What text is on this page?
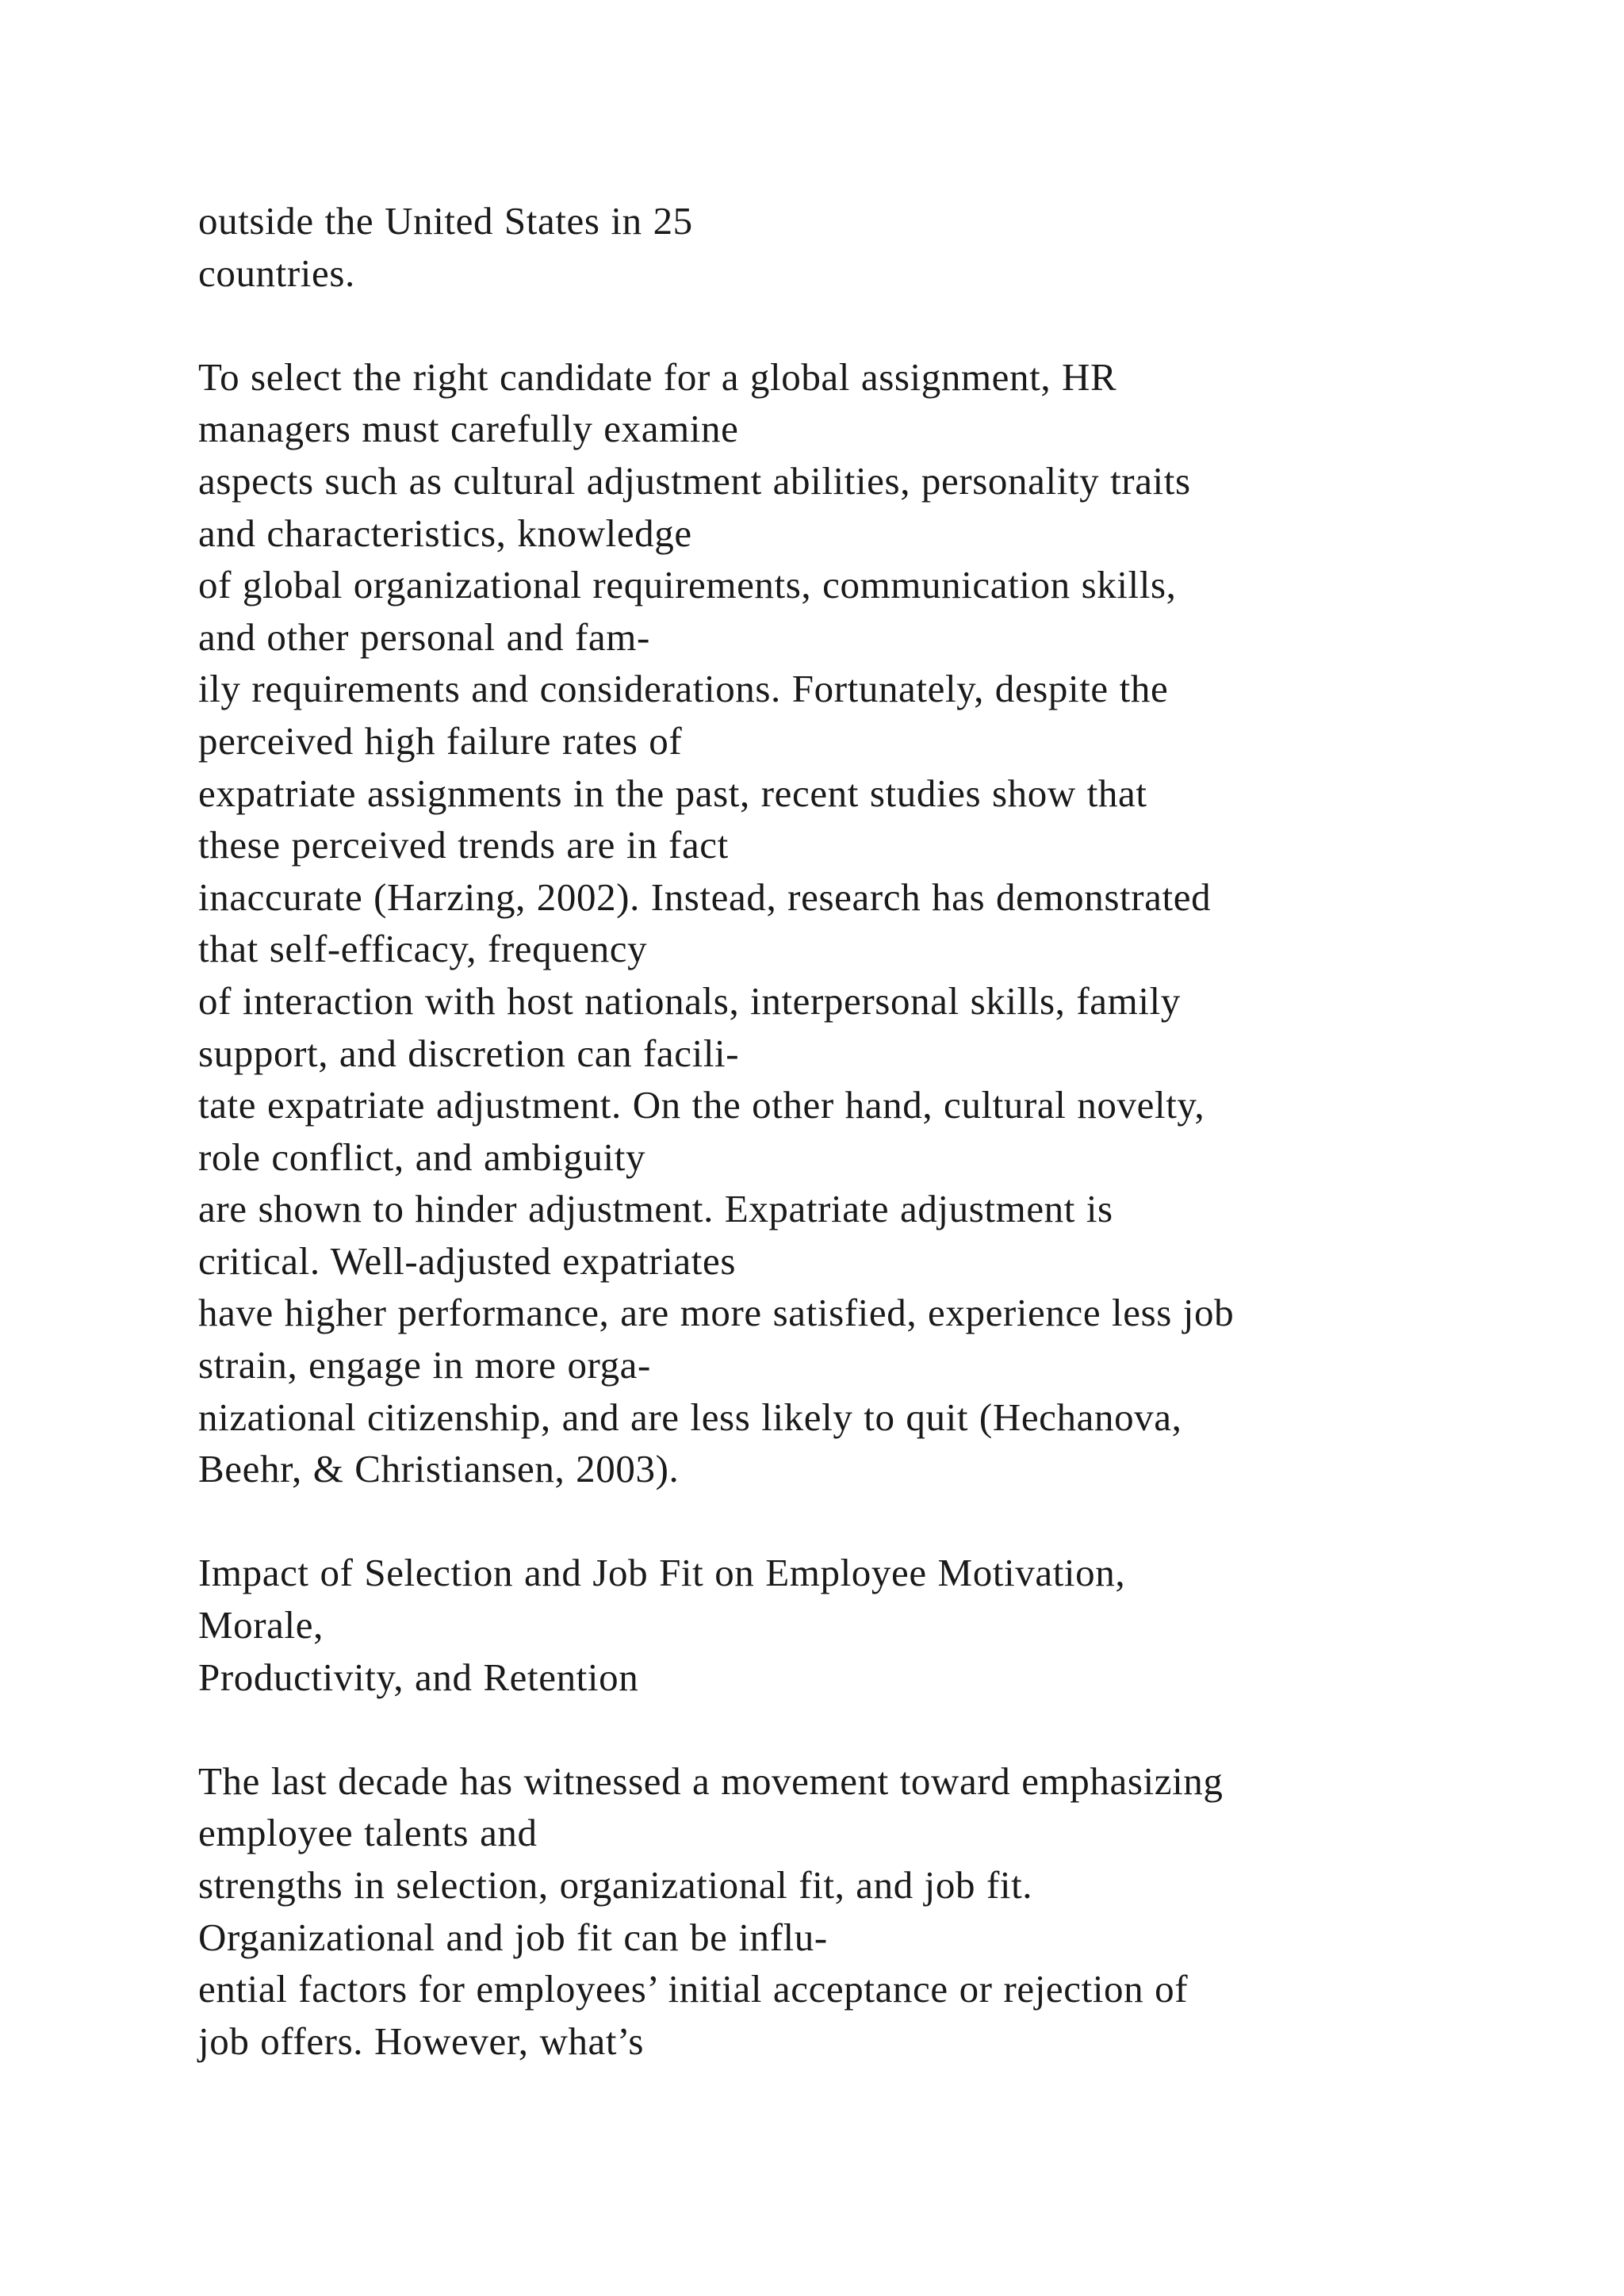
outside the United States in 25
countries.
To select the right candidate for a global assignment, HR
managers must carefully examine
aspects such as cultural adjustment abilities, personality traits
and characteristics, knowledge
of global organizational requirements, communication skills,
and other personal and fam-
ily requirements and considerations. Fortunately, despite the
perceived high failure rates of
expatriate assignments in the past, recent studies show that
these perceived trends are in fact
inaccurate (Harzing, 2002). Instead, research has demonstrated
that self-efficacy, frequency
of interaction with host nationals, interpersonal skills, family
support, and discretion can facili-
tate expatriate adjustment. On the other hand, cultural novelty,
role conflict, and ambiguity
are shown to hinder adjustment. Expatriate adjustment is
critical. Well-adjusted expatriates
have higher performance, are more satisfied, experience less job
strain, engage in more orga-
nizational citizenship, and are less likely to quit (Hechanova,
Beehr, & Christiansen, 2003).
Impact of Selection and Job Fit on Employee Motivation,
Morale,
Productivity, and Retention
The last decade has witnessed a movement toward emphasizing
employee talents and
strengths in selection, organizational fit, and job fit.
Organizational and job fit can be influ-
ential factors for employees’ initial acceptance or rejection of
job offers. However, what’s
